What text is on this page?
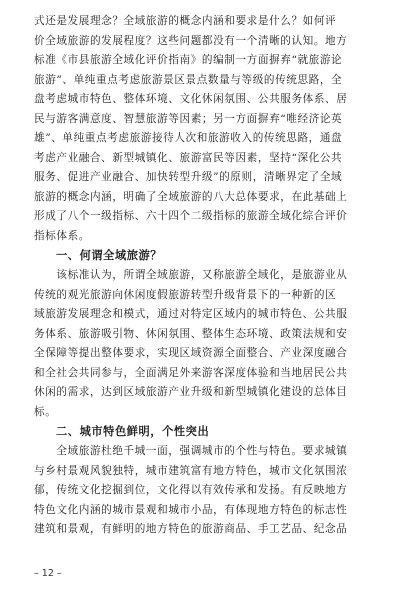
式还是发展理念？全域旅游的概念内涵和要求是什么？如何评
价全域旅游的发展程度？这些问题都没有一个清晰的认知。地方
标准《市县旅游全域化评价指南》的编制一方面摒弃“就旅游论
旅游”、单纯重点考虑旅游景区景点数量与等级的传统思路，全
盘考虑城市特色、整体环境、文化休闲氛围、公共服务体系、居
民与游客满意度、智慧旅游等因素；另一方面摒弃“唯经济论英
雄”、单纯重点考虑旅游接待人次和旅游收入的传统思路，通盘
考虑产业融合、新型城镇化、旅游富民等因素，坚持“深化公共
服务、促进产业融合、加快转型升级”的原则，清晰界定了全域
旅游的概念内涵，明确了全域旅游的八大总体要求，在此基础上
形成了八个一级指标、六十四个二级指标的旅游全域化综合评价
指标体系。
一、何谓全域旅游？
　　该标准认为，所谓全域旅游，又称旅游全域化，是旅游业从
传统的观光旅游向休闲度假旅游转型升级背景下的一种新的区
域旅游发展理念和模式，通过对特定区域内的城市特色、公共服
务体系、旅游吸引物、休闲氛围、整体生态环境、政策法规和安
全保障等提出整体要求，实现区域资源全面整合、产业深度融合
和全社会共同参与，全面满足外来游客深度体验和当地居民公共
休闲的需求，达到区域旅游产业升级和新型城镇化建设的总体目
标。
二、城市特色鲜明，个性突出
　　全域旅游杜绝千城一面，强调城市的个性与特色。要求城镇
与乡村景观风貌独特，城市建筑富有地方特色，城市文化氛围浓
郁，传统文化挖掘到位，文化得以有效传承和发扬。有反映地方
特色文化内涵的城市景观和城市小品，有体现地方特色的标志性
建筑和景观，有鲜明的地方特色的旅游商品、手工艺品、纪念品
– 12 –
